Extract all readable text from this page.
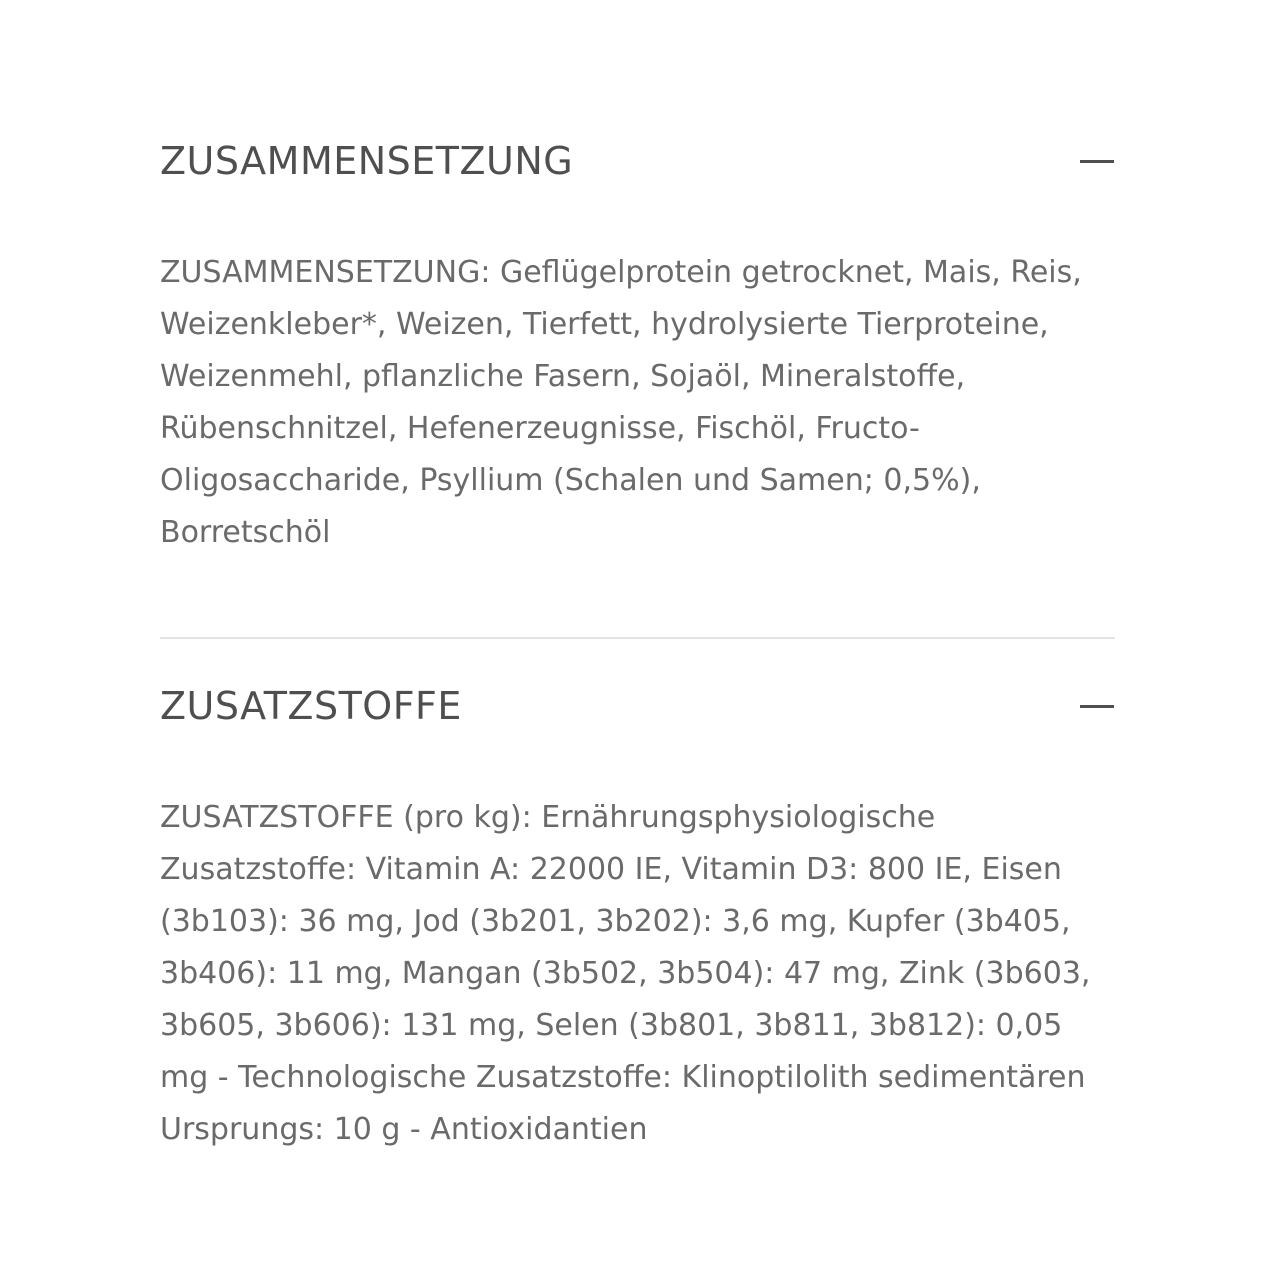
ZUSAMMENSETZUNG
ZUSAMMENSETZUNG: Geflügelprotein getrocknet, Mais, Reis, Weizenkleber*, Weizen, Tierfett, hydrolysierte Tierproteine, Weizenmehl, pflanzliche Fasern, Sojaöl, Mineralstoffe, Rübenschnitzel, Hefenerzeugnisse, Fischöl, Fructo-Oligosaccharide, Psyllium (Schalen und Samen; 0,5%), Borretschöl
ZUSATZSTOFFE
ZUSATZSTOFFE (pro kg): Ernährungsphysiologische Zusatzstoffe: Vitamin A: 22000 IE, Vitamin D3: 800 IE, Eisen (3b103): 36 mg, Jod (3b201, 3b202): 3,6 mg, Kupfer (3b405, 3b406): 11 mg, Mangan (3b502, 3b504): 47 mg, Zink (3b603, 3b605, 3b606): 131 mg, Selen (3b801, 3b811, 3b812): 0,05 mg - Technologische Zusatzstoffe: Klinoptilolith sedimentären Ursprungs: 10 g - Antioxidantien
